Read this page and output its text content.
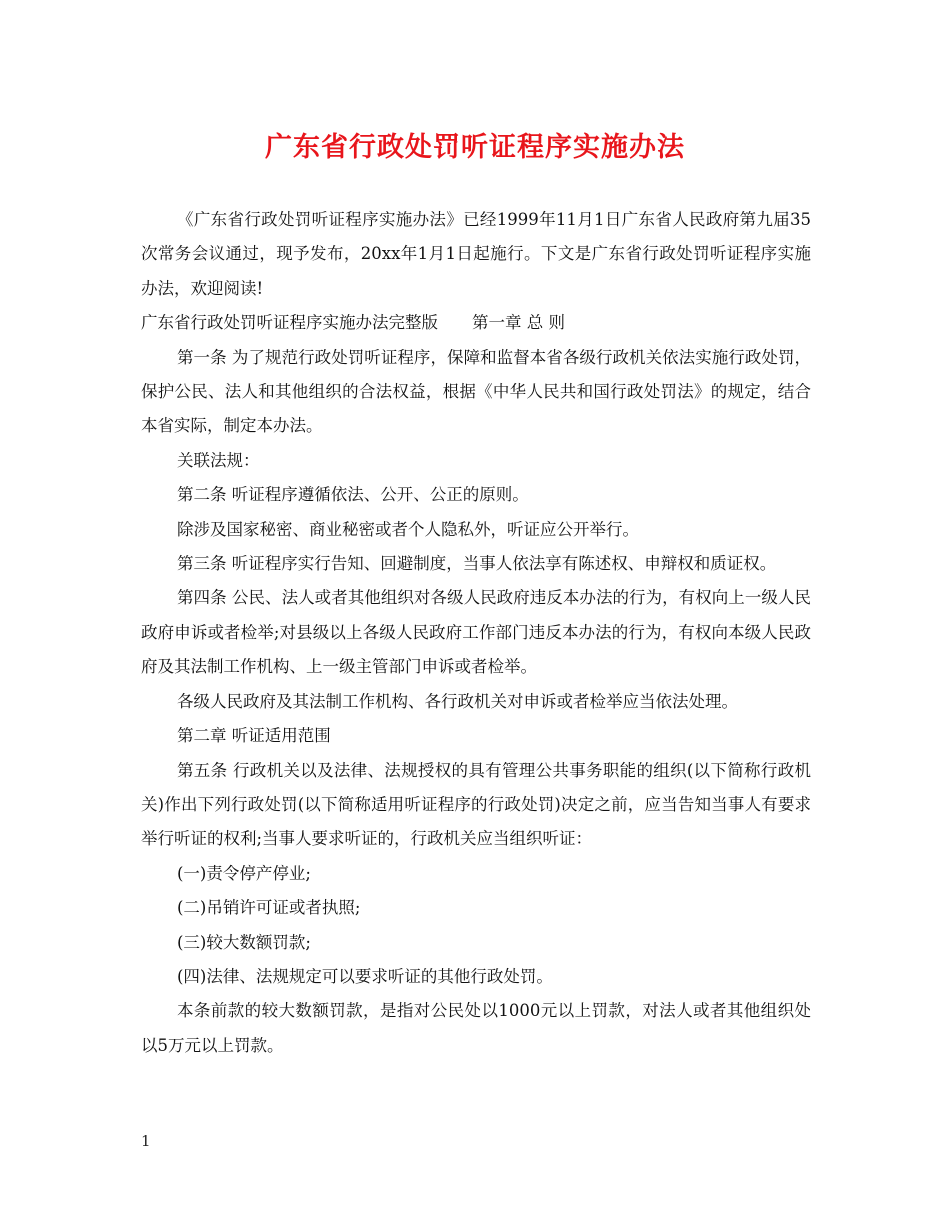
广东省行政处罚听证程序实施办法

《广东省行政处罚听证程序实施办法》已经1999年11月1日广东省人民政府第九届35次常务会议通过，现予发布，20xx年1月1日起施行。下文是广东省行政处罚听证程序实施办法，欢迎阅读!

广东省行政处罚听证程序实施办法完整版 第一章 总 则

第一条 为了规范行政处罚听证程序，保障和监督本省各级行政机关依法实施行政处罚，保护公民、法人和其他组织的合法权益，根据《中华人民共和国行政处罚法》的规定，结合本省实际，制定本办法。

关联法规：

第二条 听证程序遵循依法、公开、公正的原则。

除涉及国家秘密、商业秘密或者个人隐私外，听证应公开举行。

第三条 听证程序实行告知、回避制度，当事人依法享有陈述权、申辩权和质证权。

第四条 公民、法人或者其他组织对各级人民政府违反本办法的行为，有权向上一级人民政府申诉或者检举;对县级以上各级人民政府工作部门违反本办法的行为，有权向本级人民政府及其法制工作机构、上一级主管部门申诉或者检举。

各级人民政府及其法制工作机构、各行政机关对申诉或者检举应当依法处理。

第二章 听证适用范围

第五条 行政机关以及法律、法规授权的具有管理公共事务职能的组织(以下简称行政机关)作出下列行政处罚(以下简称适用听证程序的行政处罚)决定之前，应当告知当事人有要求举行听证的权利;当事人要求听证的，行政机关应当组织听证：

(一)责令停产停业;

(二)吊销许可证或者执照;

(三)较大数额罚款;

(四)法律、法规规定可以要求听证的其他行政处罚。

本条前款的较大数额罚款，是指对公民处以1000元以上罚款，对法人或者其他组织处以5万元以上罚款。

1
